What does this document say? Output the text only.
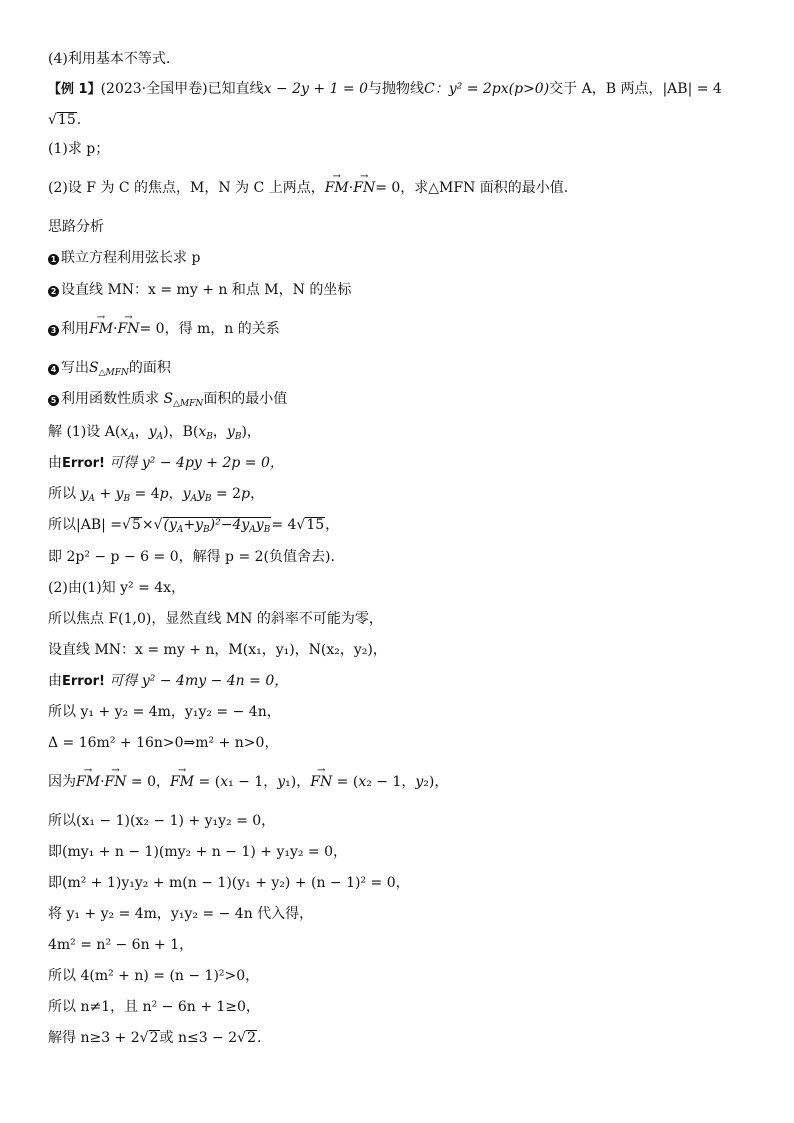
(4)利用基本不等式.
【例 1】(2023·全国甲卷)已知直线x − 2y + 1 = 0与抛物线C：y² = 2px(p>0)交于 A，B 两点，|AB| = 4
√15.
(1)求 p；
(2)设 F 为 C 的焦点，M，N 为 C 上两点，→ FM·→ FN= 0，求△MFN 面积的最小值.
思路分析
1 联立方程利用弦长求 p
2 设直线 MN：x = my + n 和点 M，N 的坐标
3 利用→ FM·→ FN= 0，得 m，n 的关系
4 写出$S_{\triangle MFN}$的面积
5 利用函数性质求 $S_{\triangle MFN}$面积的最小值
解 (1)设 $A(x_A$，$y_A$)，$B(x_B$，$y_B$)，
由Error! 可得 y² − 4py + 2p = 0，
所以 $y_A + y_B = 4p$，$y_Ay_B = 2p$，
所以$|AB| =√5\times√(y_A+y_B)^2-4y_Ay_B= 4√15$，
即 2p² − p − 6 = 0，解得 p = 2(负值舍去).
(2)由(1)知 y² = 4x，
所以焦点 F(1,0)，显然直线 MN 的斜率不可能为零，
设直线 MN：x = my + n，M(x₁，y₁)，N(x₂，y₂)，
由Error! 可得 y² − 4my − 4n = 0，
所以 y₁ + y₂ = 4m，y₁y₂ = − 4n，
Δ = 16m² + 16n>0⇒m² + n>0，
因为→ FM·→ FN = 0，→ FM = (x₁ − 1，y₁)，→ FN = (x₂ − 1，y₂)，
所以(x₁ − 1)(x₂ − 1) + y₁y₂ = 0，
即(my₁ + n − 1)(my₂ + n − 1) + y₁y₂ = 0，
即(m² + 1)y₁y₂ + m(n − 1)(y₁ + y₂) + (n − 1)² = 0，
将 y₁ + y₂ = 4m，y₁y₂ = − 4n 代入得，
4m² = n² − 6n + 1，
所以 4(m² + n) = (n − 1)²>0，
所以 n≠1，且 n² − 6n + 1≥0，
解得 n≥3 + 2√2或 n≤3 − 2√2.
